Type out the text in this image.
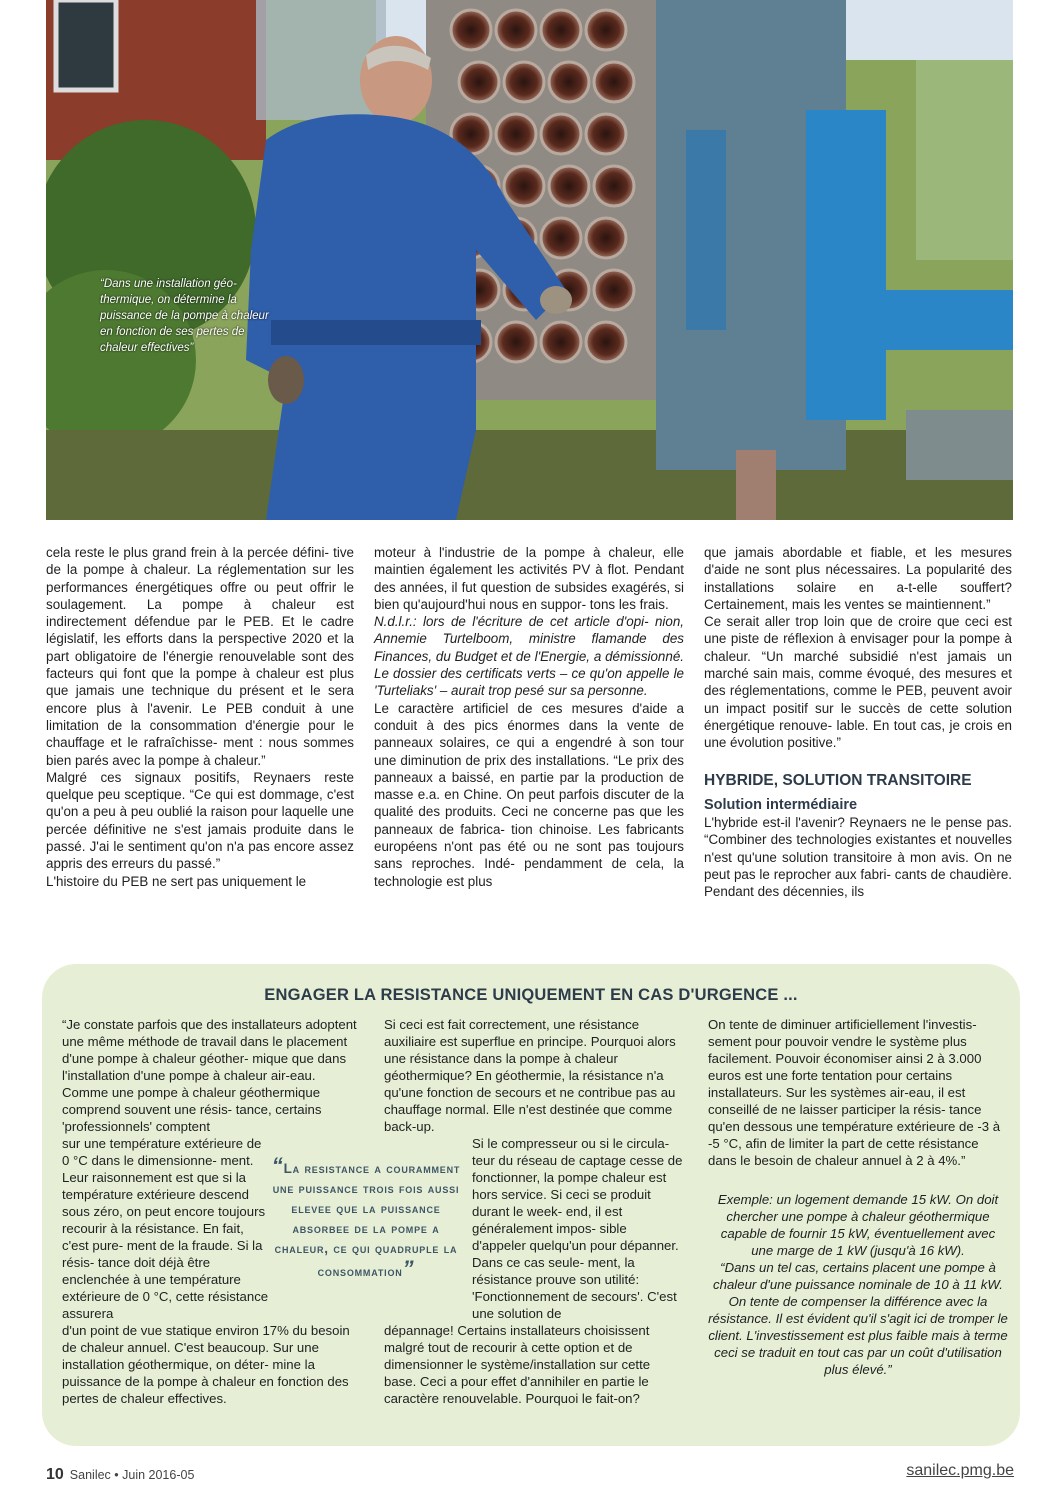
“Dans une installation géo- thermique, on détermine la puissance de la pompe à chaleur en fonction de ses pertes de chaleur effectives”

cela reste le plus grand frein à la percée défini- tive de la pompe à chaleur. La réglementation sur les performances énergétiques offre ou peut offrir le soulagement. La pompe à chaleur est indirectement défendue par le PEB. Et le cadre législatif, les efforts dans la perspective 2020 et la part obligatoire de l'énergie renouvelable sont des facteurs qui font que la pompe à chaleur est plus que jamais une technique du présent et le sera encore plus à l'avenir. Le PEB conduit à une limitation de la consommation d'énergie pour le chauffage et le rafraîchisse- ment : nous sommes bien parés avec la pompe à chaleur.”

Malgré ces signaux positifs, Reynaers reste quelque peu sceptique. “Ce qui est dommage, c'est qu'on a peu à peu oublié la raison pour laquelle une percée définitive ne s'est jamais produite dans le passé. J'ai le sentiment qu'on n'a pas encore assez appris des erreurs du passé.”

L'histoire du PEB ne sert pas uniquement le

moteur à l'industrie de la pompe à chaleur, elle maintien également les activités PV à flot. Pendant des années, il fut question de subsides exagérés, si bien qu'aujourd'hui nous en suppor- tons les frais.

N.d.l.r.: lors de l'écriture de cet article d'opi- nion, Annemie Turtelboom, ministre flamande des Finances, du Budget et de l'Energie, a démissionné. Le dossier des certificats verts – ce qu'on appelle le 'Turteliaks' – aurait trop pesé sur sa personne.

Le caractère artificiel de ces mesures d'aide a conduit à des pics énormes dans la vente de panneaux solaires, ce qui a engendré à son tour une diminution de prix des installations. “Le prix des panneaux a baissé, en partie par la production de masse e.a. en Chine. On peut parfois discuter de la qualité des produits. Ceci ne concerne pas que les panneaux de fabrica- tion chinoise. Les fabricants européens n'ont pas été ou ne sont pas toujours sans reproches. Indé- pendamment de cela, la technologie est plus

que jamais abordable et fiable, et les mesures d'aide ne sont plus nécessaires. La popularité des installations solaire en a-t-elle souffert? Certainement, mais les ventes se maintiennent.”

Ce serait aller trop loin que de croire que ceci est une piste de réflexion à envisager pour la pompe à chaleur. “Un marché subsidié n'est jamais un marché sain mais, comme évoqué, des mesures et des réglementations, comme le PEB, peuvent avoir un impact positif sur le succès de cette solution énergétique renouve- lable. En tout cas, je crois en une évolution positive.”

HYBRIDE, SOLUTION TRANSITOIRE
Solution intermédiaire

L'hybride est-il l'avenir? Reynaers ne le pense pas. “Combiner des technologies existantes et nouvelles n'est qu'une solution transitoire à mon avis. On ne peut pas le reprocher aux fabri- cants de chaudière. Pendant des décennies, ils

ENGAGER LA RESISTANCE UNIQUEMENT EN CAS D'URGENCE ...

“Je constate parfois que des installateurs adoptent une même méthode de travail dans le placement d'une pompe à chaleur géother- mique que dans l'installation d'une pompe à chaleur air-eau. Comme une pompe à chaleur géothermique comprend souvent une résis- tance, certains 'professionnels' comptent

sur une température extérieure de 0 °C dans le dimensionne- ment. Leur raisonnement est que si la température extérieure descend sous zéro, on peut encore toujours recourir à la résistance. En fait, c'est pure- ment de la fraude. Si la résis- tance doit déjà être enclenchée à une température extérieure de 0 °C, cette résistance assurera

d'un point de vue statique environ 17% du besoin de chaleur annuel. C'est beaucoup. Sur une installation géothermique, on déter- mine la puissance de la pompe à chaleur en fonction des pertes de chaleur effectives.

“La resistance a couramment une puissance trois fois aussi elevee que la puissance absorbee de la pompe a chaleur, ce qui quadruple la consommation”

Si ceci est fait correctement, une résistance auxiliaire est superflue en principe. Pourquoi alors une résistance dans la pompe à chaleur géothermique? En géothermie, la résistance n'a qu'une fonction de secours et ne contribue pas au chauffage normal. Elle n'est destinée que comme back-up.

Si le compresseur ou si le circula- teur du réseau de captage cesse de fonctionner, la pompe chaleur est hors service. Si ceci se produit durant le week- end, il est généralement impos- sible d'appeler quelqu'un pour dépanner. Dans ce cas seule- ment, la résistance prouve son utilité: 'Fonctionnement de secours'. C'est une solution de

dépannage! Certains installateurs choisissent malgré tout de recourir à cette option et de dimensionner le système/installation sur cette base. Ceci a pour effet d'annihiler en partie le caractère renouvelable. Pourquoi le fait-on?

On tente de diminuer artificiellement l'investis- sement pour pouvoir vendre le système plus facilement. Pouvoir économiser ainsi 2 à 3.000 euros est une forte tentation pour certains installateurs. Sur les systèmes air-eau, il est conseillé de ne laisser participer la résis- tance qu'en dessous une température extérieure de -3 à -5 °C, afin de limiter la part de cette résistance dans le besoin de chaleur annuel à 2 à 4%.”

Exemple: un logement demande 15 kW. On doit chercher une pompe à chaleur géothermique capable de fournir 15 kW, éventuellement avec une marge de 1 kW (jusqu'à 16 kW).

“Dans un tel cas, certains placent une pompe à chaleur d'une puissance nominale de 10 à 11 kW. On tente de compenser la différence avec la résistance. Il est évident qu'il s'agit ici de tromper le client. L'investissement est plus faible mais à terme ceci se traduit en tout cas par un coût d'utilisation plus élevé.”

10 Sanilec • Juin 2016-05	sanilec.pmg.be
